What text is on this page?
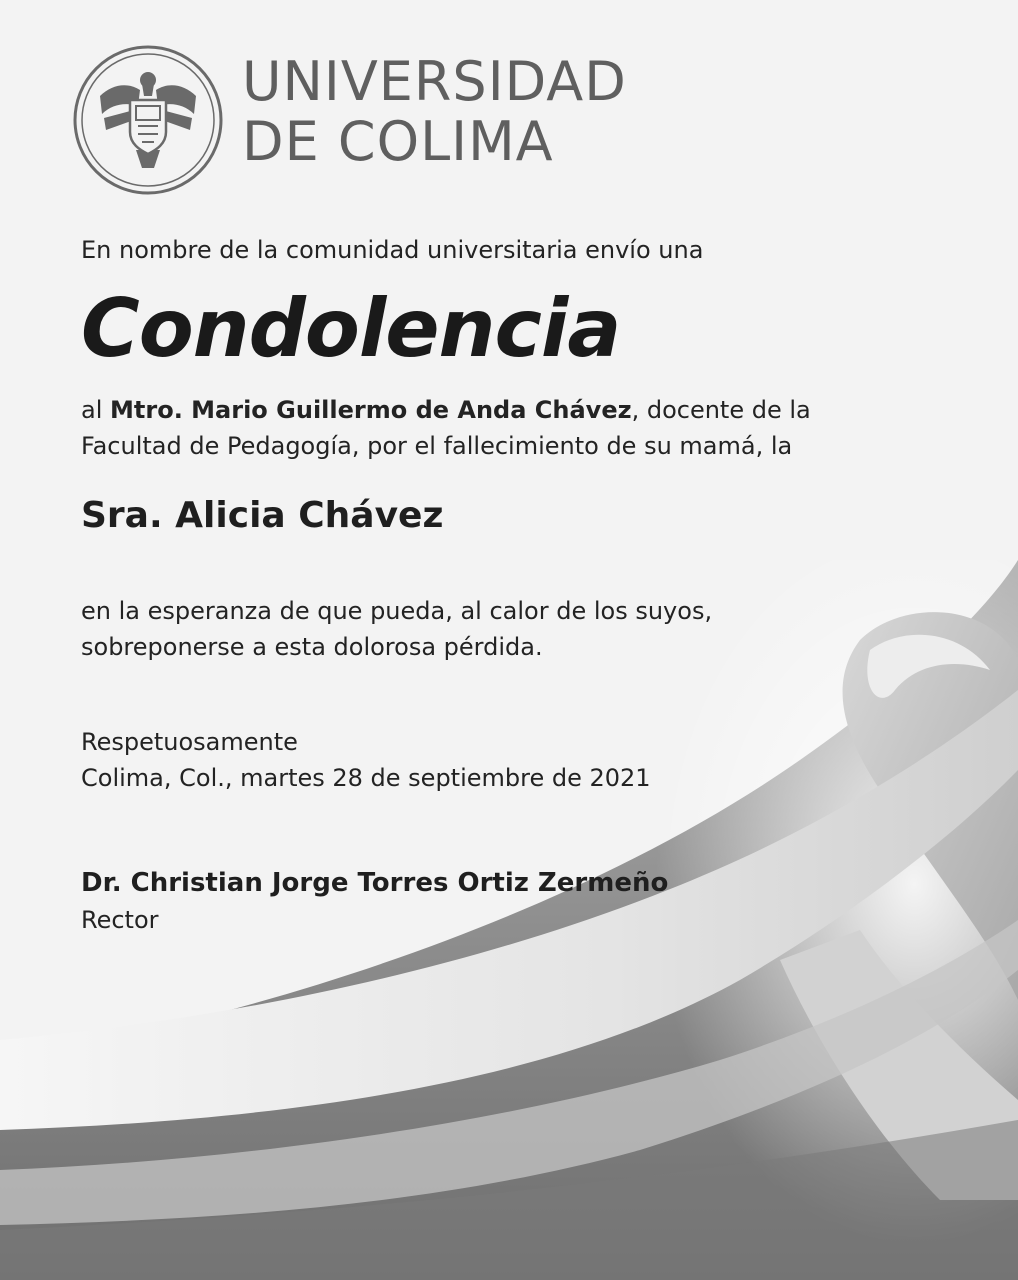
UNIVERSIDAD
DE COLIMA
En nombre de la comunidad universitaria envío una
Condolencia
al Mtro. Mario Guillermo de Anda Chávez, docente de la
Facultad de Pedagogía, por el fallecimiento de su mamá, la
Sra. Alicia Chávez
en la esperanza de que pueda, al calor de los suyos,
sobreponerse a esta dolorosa pérdida.
Respetuosamente
Colima, Col., martes 28 de septiembre de 2021
Dr. Christian Jorge Torres Ortiz Zermeño
Rector
